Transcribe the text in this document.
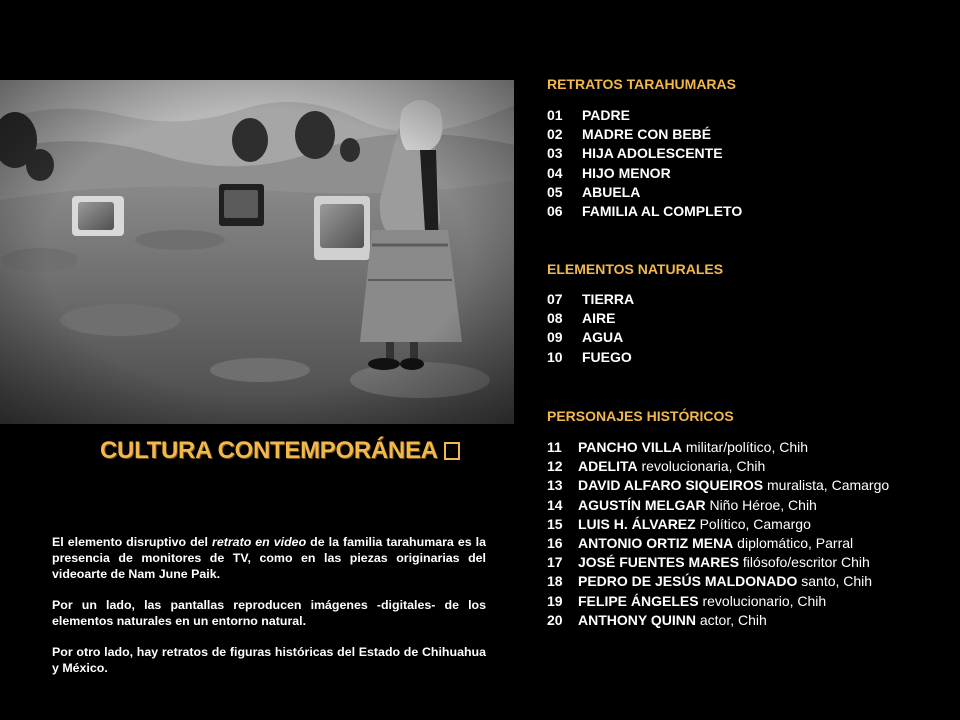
CULTURA CONTEMPORÁNEA

El elemento disruptivo del retrato en video de la familia tarahumara es la presencia de monitores de TV, como en las piezas originarias del videoarte de Nam June Paik.

Por un lado, las pantallas reproducen imágenes -digitales- de los elementos naturales en un entorno natural.

Por otro lado, hay retratos de figuras históricas del Estado de Chihuahua y México.

RETRATOS TARAHUMARAS
01 PADRE
02 MADRE CON BEBÉ
03 HIJA ADOLESCENTE
04 HIJO MENOR
05 ABUELA
06 FAMILIA AL COMPLETO
ELEMENTOS NATURALES
07 TIERRA
08 AIRE
09 AGUA
10 FUEGO
PERSONAJES HISTÓRICOS
11 PANCHO VILLA militar/político, Chih
12 ADELITA revolucionaria, Chih
13 DAVID ALFARO SIQUEIROS muralista, Camargo
14 AGUSTÍN MELGAR Niño Héroe, Chih
15 LUIS H. ÁLVAREZ Político, Camargo
16 ANTONIO ORTIZ MENA diplomático, Parral
17 JOSÉ FUENTES MARES filósofo/escritor Chih
18 PEDRO DE JESÚS MALDONADO santo, Chih
19 FELIPE ÁNGELES revolucionario, Chih
20 ANTHONY QUINN actor, Chih
